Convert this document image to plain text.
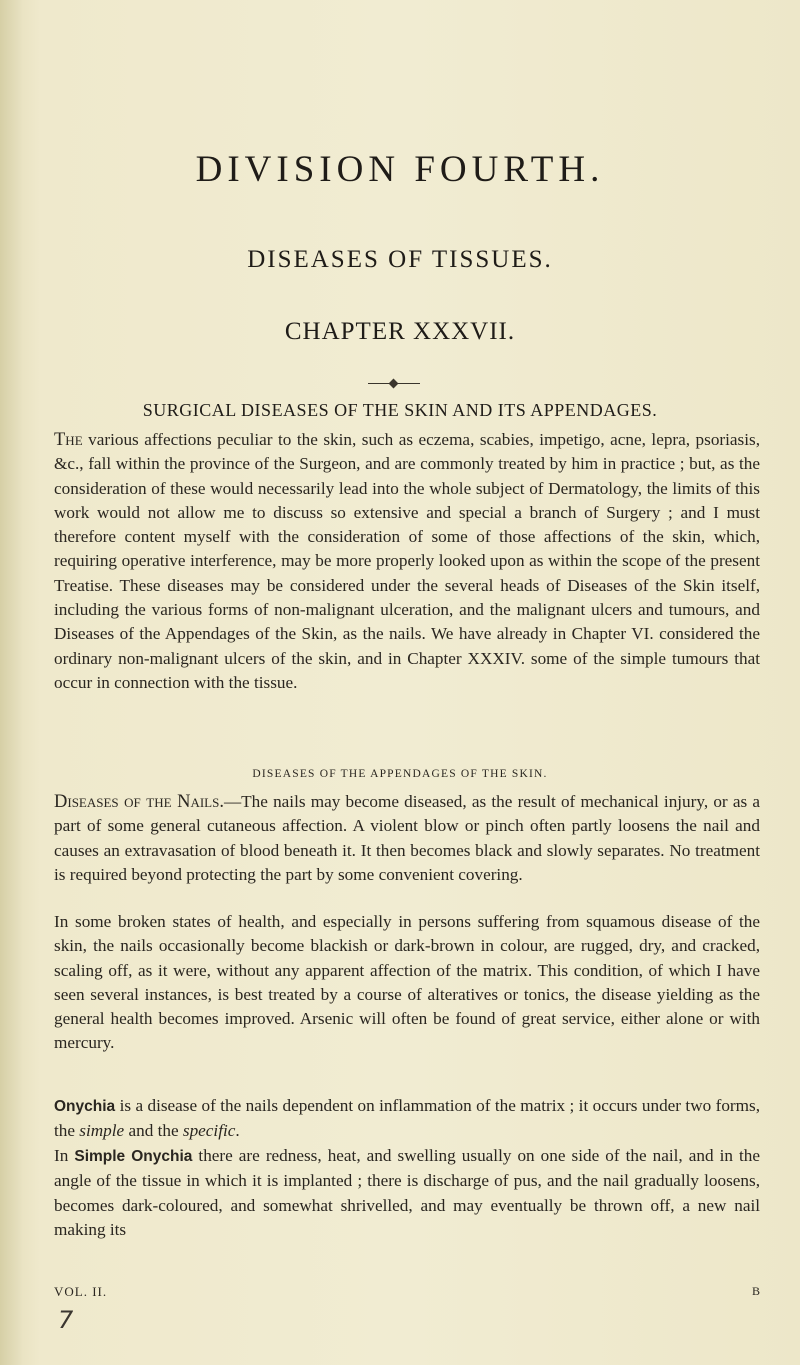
DIVISION FOURTH.
DISEASES OF TISSUES.
CHAPTER XXXVII.
SURGICAL DISEASES OF THE SKIN AND ITS APPENDAGES.

The various affections peculiar to the skin, such as eczema, scabies, impetigo, acne, lepra, psoriasis, &c., fall within the province of the Surgeon, and are commonly treated by him in practice ; but, as the consideration of these would necessarily lead into the whole subject of Dermatology, the limits of this work would not allow me to discuss so extensive and special a branch of Surgery ; and I must therefore content myself with the consideration of some of those affections of the skin, which, requiring operative interference, may be more properly looked upon as within the scope of the present Treatise. These diseases may be considered under the several heads of Diseases of the Skin itself, including the various forms of non-malignant ulceration, and the malignant ulcers and tumours, and Diseases of the Appendages of the Skin, as the nails. We have already in Chapter VI. considered the ordinary non-malignant ulcers of the skin, and in Chapter XXXIV. some of the simple tumours that occur in connection with the tissue.

DISEASES OF THE APPENDAGES OF THE SKIN.

Diseases of the Nails.—The nails may become diseased, as the result of mechanical injury, or as a part of some general cutaneous affection. A violent blow or pinch often partly loosens the nail and causes an extravasation of blood beneath it. It then becomes black and slowly separates. No treatment is required beyond protecting the part by some convenient covering.

In some broken states of health, and especially in persons suffering from squamous disease of the skin, the nails occasionally become blackish or dark-brown in colour, are rugged, dry, and cracked, scaling off, as it were, without any apparent affection of the matrix. This condition, of which I have seen several instances, is best treated by a course of alteratives or tonics, the disease yielding as the general health becomes improved. Arsenic will often be found of great service, either alone or with mercury.

Onychia is a disease of the nails dependent on inflammation of the matrix ; it occurs under two forms, the simple and the specific.

In Simple Onychia there are redness, heat, and swelling usually on one side of the nail, and in the angle of the tissue in which it is implanted ; there is discharge of pus, and the nail gradually loosens, becomes dark-coloured, and somewhat shrivelled, and may eventually be thrown off, a new nail making its

VOL. II.	B
7
